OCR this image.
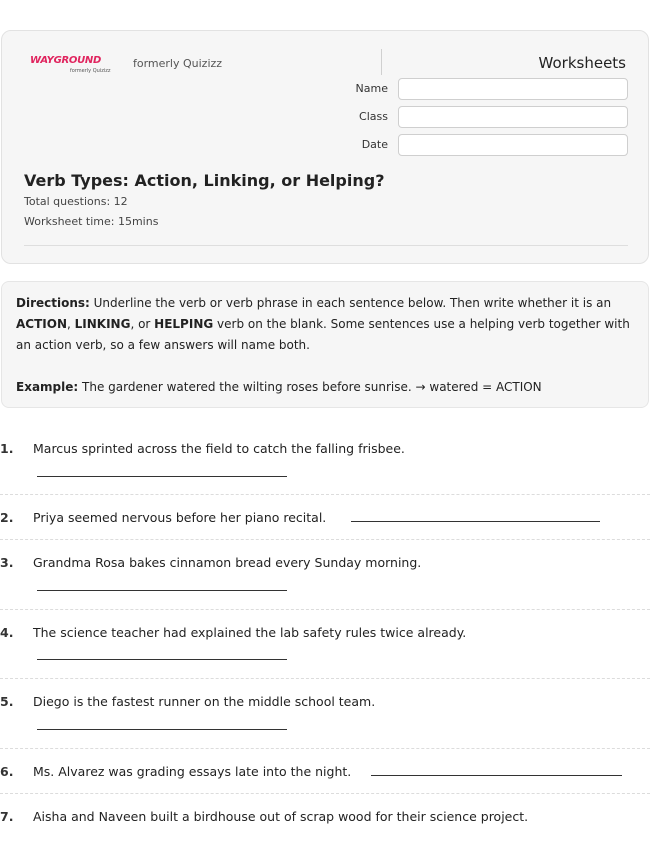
WAYGROUND
formerly Quizizz
formerly Quizizz	Worksheets
Name
Class
Date
Verb Types: Action, Linking, or Helping?
Total questions: 12
Worksheet time: 15mins
Directions: Underline the verb or verb phrase in each sentence below. Then write whether it is an ACTION, LINKING, or HELPING verb on the blank. Some sentences use a helping verb together with an action verb, so a few answers will name both.
Example: The gardener watered the wilting roses before sunrise. → watered = ACTION
1. Marcus sprinted across the field to catch the falling frisbee.
2. Priya seemed nervous before her piano recital.
3. Grandma Rosa bakes cinnamon bread every Sunday morning.
4. The science teacher had explained the lab safety rules twice already.
5. Diego is the fastest runner on the middle school team.
6. Ms. Alvarez was grading essays late into the night.
7. Aisha and Naveen built a birdhouse out of scrap wood for their science project.
